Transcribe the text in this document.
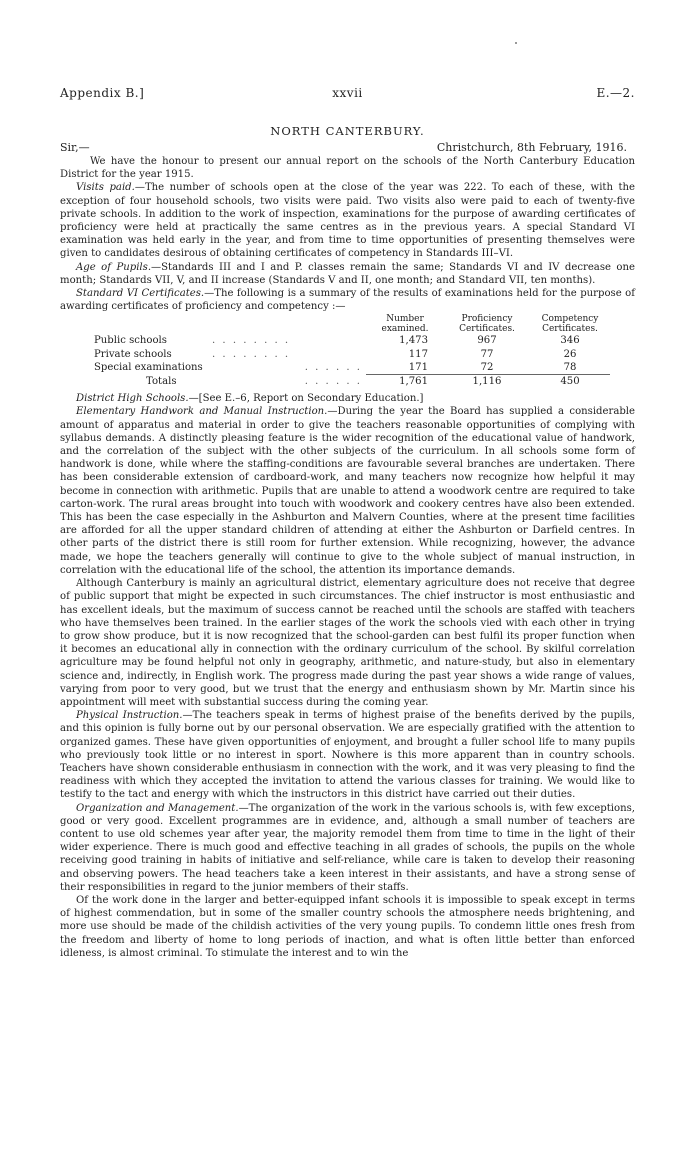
Appendix B.]	xxvii	E.—2.
NORTH CANTERBURY.
Sir,—	Christchurch, 8th February, 1916.

We have the honour to present our annual report on the schools of the North Canterbury Education District for the year 1915.

Visits paid.—The number of schools open at the close of the year was 222. To each of these, with the exception of four household schools, two visits were paid. Two visits also were paid to each of twenty-five private schools. In addition to the work of inspection, examinations for the purpose of awarding certificates of proficiency were held at practically the same centres as in the previous years. A special Standard VI examination was held early in the year, and from time to time opportunities of presenting themselves were given to candidates desirous of obtaining certificates of competency in Standards III–VI.

Age of Pupils.—Standards III and I and P. classes remain the same; Standards VI and IV decrease one month; Standards VII, V, and II increase (Standards V and II, one month; and Standard VII, ten months).

Standard VI Certificates.—The following is a summary of the results of examinations held for the purpose of awarding certificates of proficiency and competency :—

		Number examined.	Proficiency Certificates.	Competency Certificates.
Public schools	. . . . . . . .	1,473	967	346
Private schools	. . . . . . . .	117	77	26
Special examinations	. . . . . .	171	72	78
Totals	. . . . . .	1,761	1,116	450

District High Schools.—[See E.–6, Report on Secondary Education.]

Elementary Handwork and Manual Instruction.—During the year the Board has supplied a considerable amount of apparatus and material in order to give the teachers reasonable opportunities of complying with syllabus demands. A distinctly pleasing feature is the wider recognition of the educational value of handwork, and the correlation of the subject with the other subjects of the curriculum. In all schools some form of handwork is done, while where the staffing-conditions are favourable several branches are undertaken. There has been considerable extension of cardboard-work, and many teachers now recognize how helpful it may become in connection with arithmetic. Pupils that are unable to attend a woodwork centre are required to take carton-work. The rural areas brought into touch with woodwork and cookery centres have also been extended. This has been the case especially in the Ashburton and Malvern Counties, where at the present time facilities are afforded for all the upper standard children of attending at either the Ashburton or Darfield centres. In other parts of the district there is still room for further extension. While recognizing, however, the advance made, we hope the teachers generally will continue to give to the whole subject of manual instruction, in correlation with the educational life of the school, the attention its importance demands.

Although Canterbury is mainly an agricultural district, elementary agriculture does not receive that degree of public support that might be expected in such circumstances. The chief instructor is most enthusiastic and has excellent ideals, but the maximum of success cannot be reached until the schools are staffed with teachers who have themselves been trained. In the earlier stages of the work the schools vied with each other in trying to grow show produce, but it is now recognized that the school-garden can best fulfil its proper function when it becomes an educational ally in connection with the ordinary curriculum of the school. By skilful correlation agriculture may be found helpful not only in geography, arithmetic, and nature-study, but also in elementary science and, indirectly, in English work. The progress made during the past year shows a wide range of values, varying from poor to very good, but we trust that the energy and enthusiasm shown by Mr. Martin since his appointment will meet with substantial success during the coming year.

Physical Instruction.—The teachers speak in terms of highest praise of the benefits derived by the pupils, and this opinion is fully borne out by our personal observation. We are especially gratified with the attention to organized games. These have given opportunities of enjoyment, and brought a fuller school life to many pupils who previously took little or no interest in sport. Nowhere is this more apparent than in country schools. Teachers have shown considerable enthusiasm in connection with the work, and it was very pleasing to find the readiness with which they accepted the invitation to attend the various classes for training. We would like to testify to the tact and energy with which the instructors in this district have carried out their duties.

Organization and Management.—The organization of the work in the various schools is, with few exceptions, good or very good. Excellent programmes are in evidence, and, although a small number of teachers are content to use old schemes year after year, the majority remodel them from time to time in the light of their wider experience. There is much good and effective teaching in all grades of schools, the pupils on the whole receiving good training in habits of initiative and self-reliance, while care is taken to develop their reasoning and observing powers. The head teachers take a keen interest in their assistants, and have a strong sense of their responsibilities in regard to the junior members of their staffs.

Of the work done in the larger and better-equipped infant schools it is impossible to speak except in terms of highest commendation, but in some of the smaller country schools the atmosphere needs brightening, and more use should be made of the childish activities of the very young pupils. To condemn little ones fresh from the freedom and liberty of home to long periods of inaction, and what is often little better than enforced idleness, is almost criminal. To stimulate the interest and to win the
